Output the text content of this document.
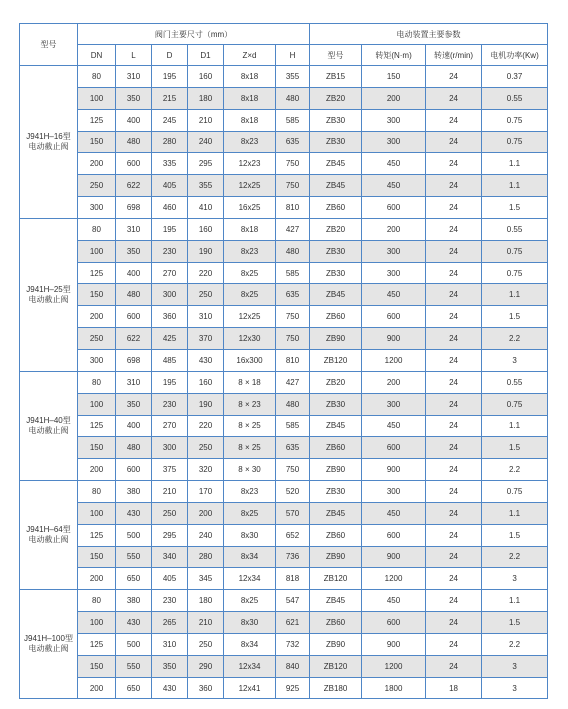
型号	阀门主要尺寸（mm）						电动装置主要参数			
	DN	L	D	D1	Z×d	H	型号	转矩(N·m)	转速(r/min)	电机功率(Kw)

J941H–16型
电动截止阀	80	310	195	160	8x18	355	ZB15	150	24	0.37
	100	350	215	180	8x18	480	ZB20	200	24	0.55
	125	400	245	210	8x18	585	ZB30	300	24	0.75
	150	480	280	240	8x23	635	ZB30	300	24	0.75
	200	600	335	295	12x23	750	ZB45	450	24	1.1
	250	622	405	355	12x25	750	ZB45	450	24	1.1
	300	698	460	410	16x25	810	ZB60	600	24	1.5

J941H–25型
电动截止阀	80	310	195	160	8x18	427	ZB20	200	24	0.55
	100	350	230	190	8x23	480	ZB30	300	24	0.75
	125	400	270	220	8x25	585	ZB30	300	24	0.75
	150	480	300	250	8x25	635	ZB45	450	24	1.1
	200	600	360	310	12x25	750	ZB60	600	24	1.5
	250	622	425	370	12x30	750	ZB90	900	24	2.2
	300	698	485	430	16x300	810	ZB120	1200	24	3

J941H–40型
电动截止阀	80	310	195	160	8 × 18	427	ZB20	200	24	0.55
	100	350	230	190	8 × 23	480	ZB30	300	24	0.75
	125	400	270	220	8 × 25	585	ZB45	450	24	1.1
	150	480	300	250	8 × 25	635	ZB60	600	24	1.5
	200	600	375	320	8 × 30	750	ZB90	900	24	2.2

J941H–64型
电动截止阀	80	380	210	170	8x23	520	ZB30	300	24	0.75
	100	430	250	200	8x25	570	ZB45	450	24	1.1
	125	500	295	240	8x30	652	ZB60	600	24	1.5
	150	550	340	280	8x34	736	ZB90	900	24	2.2
	200	650	405	345	12x34	818	ZB120	1200	24	3

J941H–100型
电动截止阀	80	380	230	180	8x25	547	ZB45	450	24	1.1
	100	430	265	210	8x30	621	ZB60	600	24	1.5
	125	500	310	250	8x34	732	ZB90	900	24	2.2
	150	550	350	290	12x34	840	ZB120	1200	24	3
	200	650	430	360	12x41	925	ZB180	1800	18	3
